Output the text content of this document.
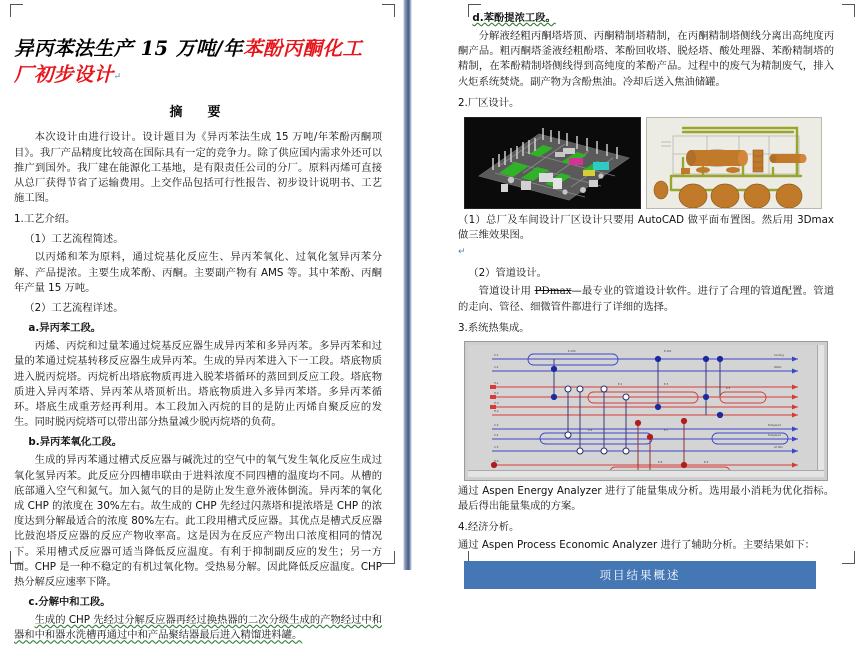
异丙苯法生产 15 万吨/年苯酚丙酮化工
厂初步设计↵
摘　要

本次设计由进行设计。设计题目为《异丙苯法生成 15 万吨/年苯酚丙酮项目》。我厂产品精度比较高在国际具有一定的竞争力。除了供应国内需求外还可以推广到国外。我厂建在能源化工基地，是有限责任公司的分厂。原料丙烯可直接从总厂获得节省了运输费用。上交作品包括可行性报告、初步设计说明书、工艺施工图。

1.工艺介绍。
（1）工艺流程简述。

以丙烯和苯为原料，通过烷基化反应生、异丙苯氧化、过氧化氢异丙苯分解、产品提浓。主要生成苯酚、丙酮。主要副产物有 AMS 等。其中苯酚、丙酮年产量 15 万吨。

（2）工艺流程详述。
a.异丙苯工段。

丙烯、丙烷和过量苯通过烷基反应器生成异丙苯和多异丙苯。多异丙苯和过量的苯通过烷基转移反应器生成异丙苯。生成的异丙苯进入下一工段。塔底物质进入脱丙烷塔。丙烷析出塔底物质再进入脱苯塔循环的蒸回到反应工段。塔底物质进入异丙苯塔、异丙苯从塔顶析出。塔底物质进入多异丙苯塔。多异丙苯循环。塔底生成重芳烃再利用。本工段加入丙烷的目的是防止丙烯自聚反应的发生。同时脱丙烷塔可以带出部分热量减少脱丙烷塔的负荷。

b.异丙苯氧化工段。

生成的异丙苯通过槽式反应器与碱洗过的空气中的氧气发生氧化反应生成过氧化氢异丙苯。此反应分四槽串联由于进料浓度不同四槽的温度均不同。从槽的底部通入空气和氮气。加入氮气的目的是防止发生意外液体倒流。异丙苯的氧化成 CHP 的浓度在 30%左右。故生成的 CHP 先经过闪蒸塔和提浓塔是 CHP 的浓度达到分解最适合的浓度 80%左右。此工段用槽式反应器。其优点是槽式反应器比鼓泡塔反应器的反应产物收率高。这是因为在反应产物出口浓度相同的情况下。采用槽式反应器可适当降低反应温度。有利于抑制副反应的发生；另一方面。CHP 是一种不稳定的有机过氧化物。受热易分解。因此降低反应温度。CHP 热分解反应速率下降。

c.分解中和工段。

生成的 CHP 先经过分解反应器再经过换热器的二次分级生成的产物经过中和器和中和器水洗槽再通过中和产品聚结器最后进入精馏进料罐。

d.苯酚提浓工段。

分解液经粗丙酮塔塔顶、丙酮精制塔精制，在丙酮精制塔侧线分离出高纯度丙酮产品。粗丙酮塔釜液经粗酚塔、苯酚回收塔、脱烃塔、酸处理器、苯酚精制塔的精制，在苯酚精制塔侧线得到高纯度的苯酚产品。过程中的废气为精制废气，排入火炬系统焚烧。副产物为含酚焦油。冷却后送入焦油储罐。

2.厂区设计。

（1）总厂及车间设计厂区设计只要用 AutoCAD 做平面布置图。然后用 3Dmax 做三维效果图。

↵

（2）管道设计。

管道设计用 PDmax—最专业的管道设计软件。进行了合理的管道配置。管道的走向、管径、细微管件都进行了详细的选择。

3.系统热集成。
C-1
C-2
H-1
H-2
H-3
H-4
C-3
C-4
C-5
H-5
Cooling
Water
Tempered
Tempered
LP Stm
E-100	E-101
E-2	E-3
E-5
E-6	E-7
E-8	E-9

通过 Aspen Energy Analyzer 进行了能量集成分析。选用最小消耗为优化指标。最后得出能量集成的方案。

4.经济分析。

通过 Aspen Process Economic Analyzer 进行了辅助分析。主要结果如下：

项目结果概述
